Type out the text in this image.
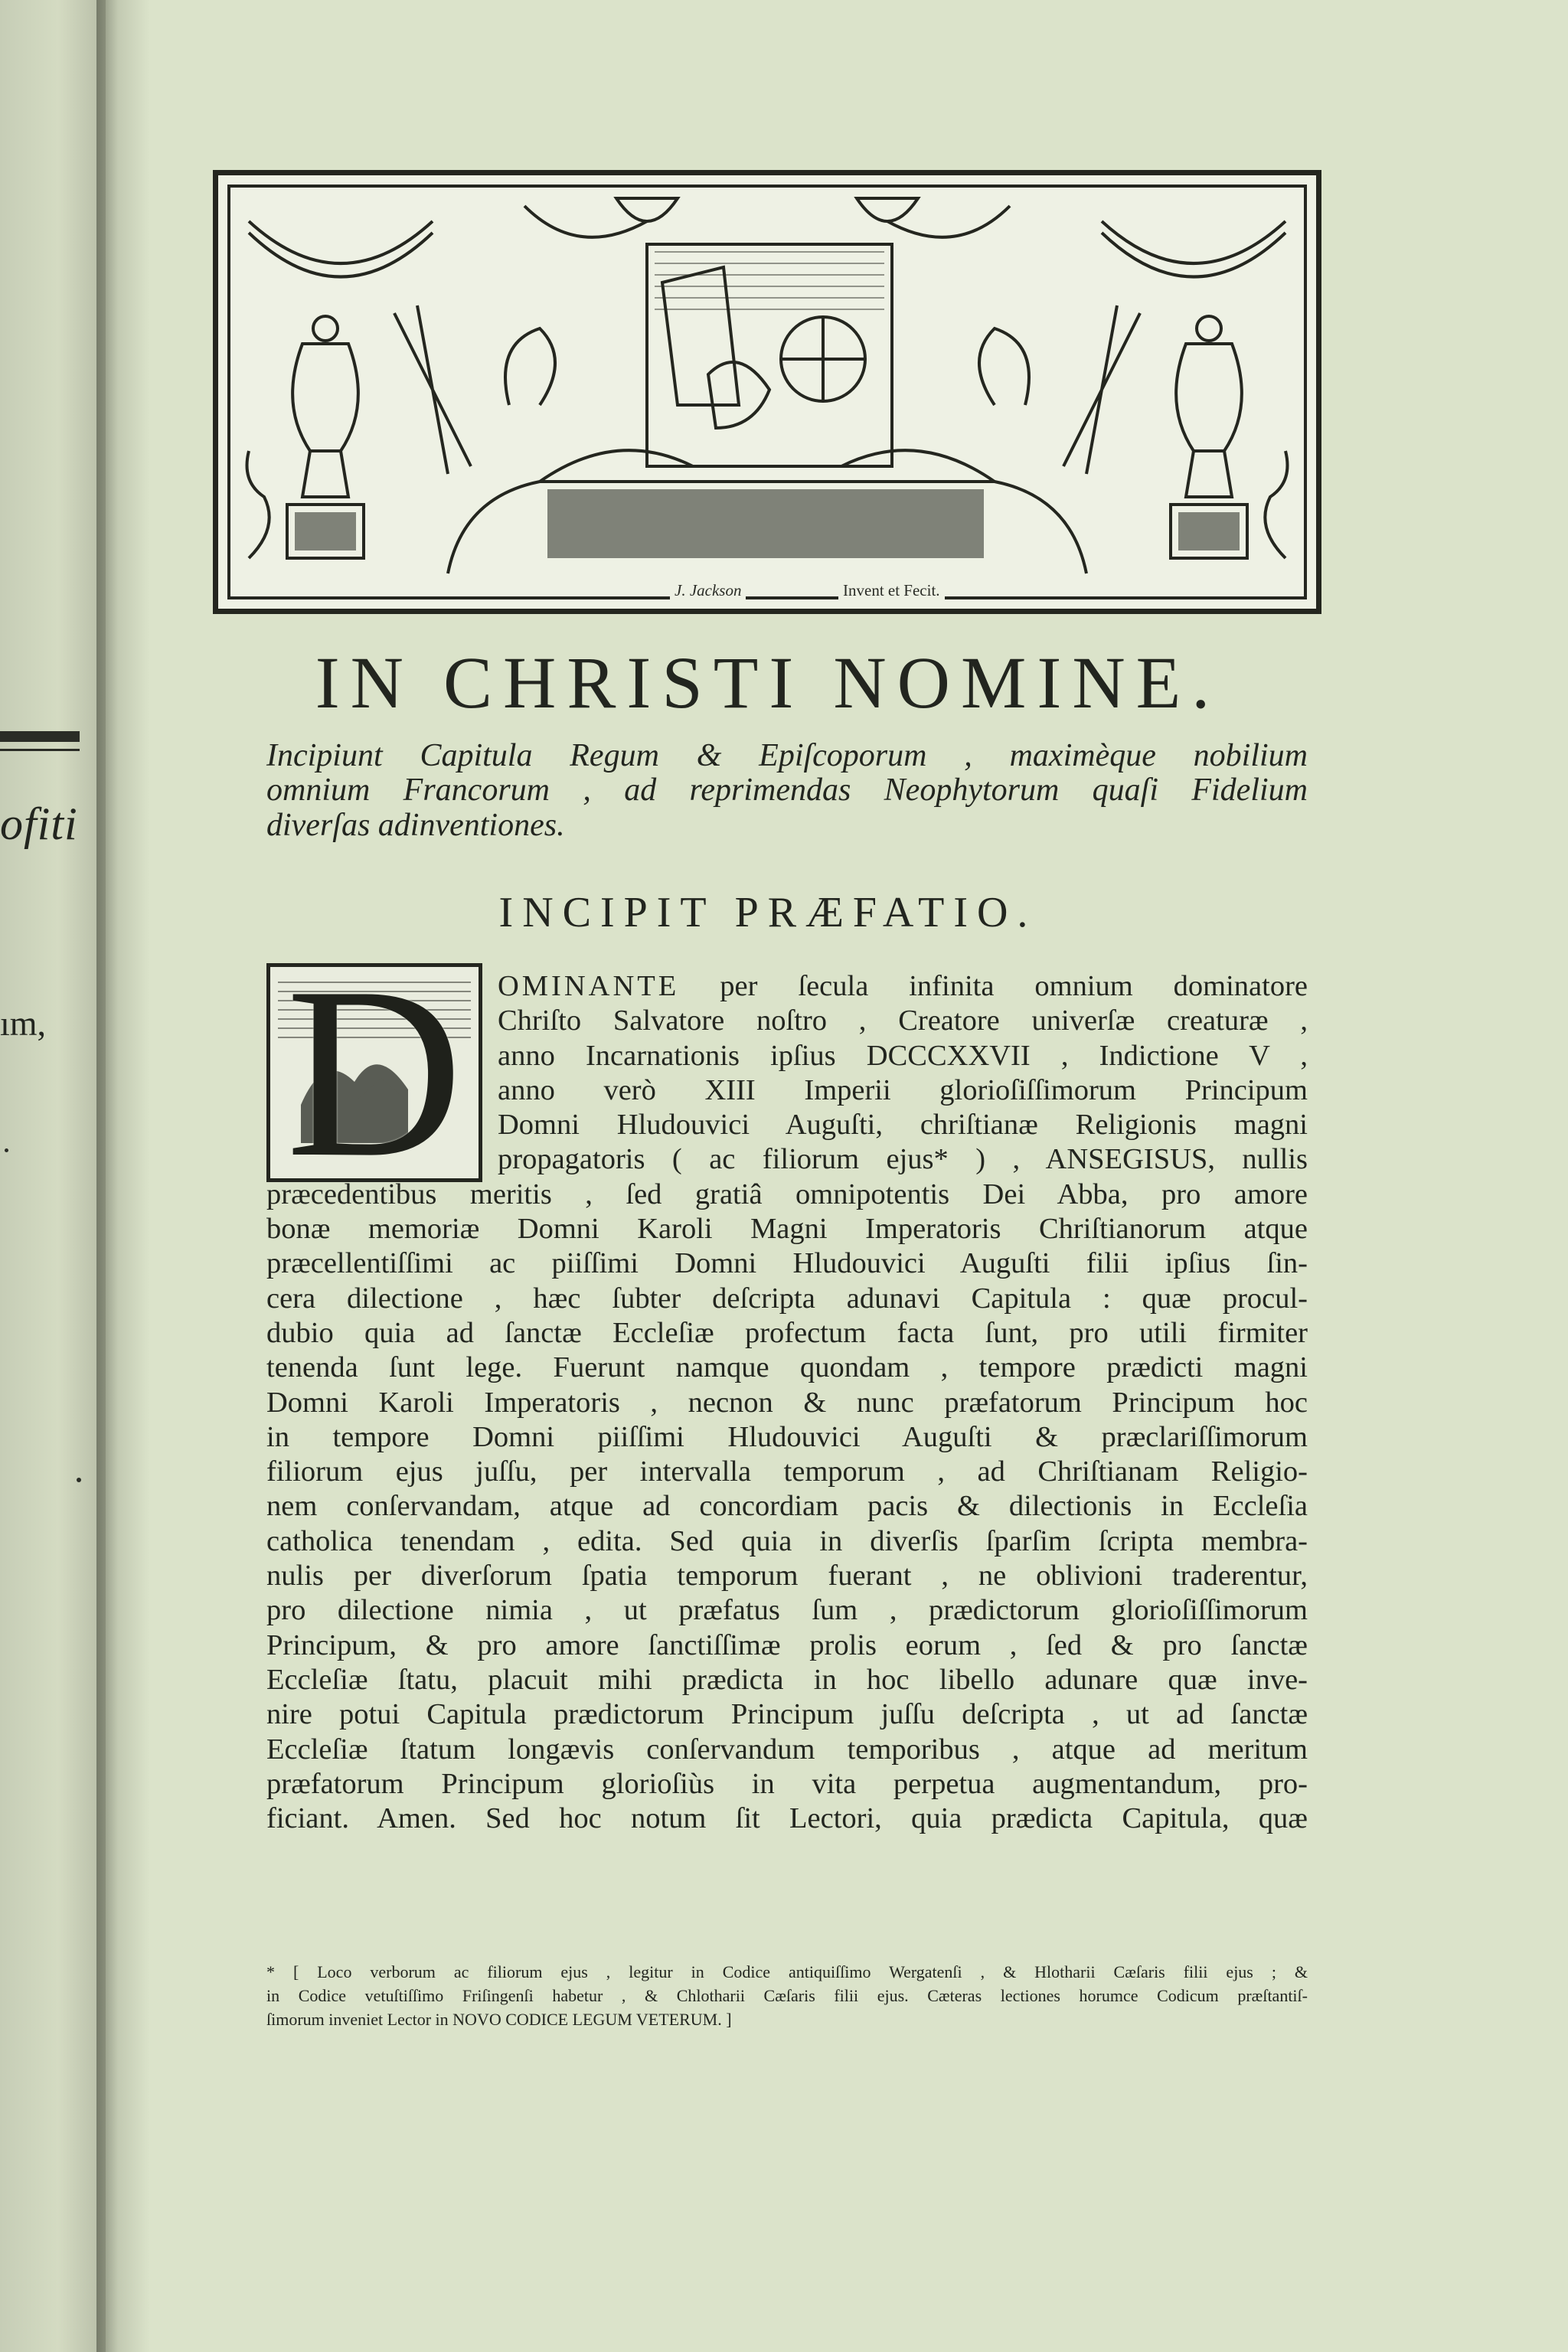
ofiti
ım,
J. Jackson	Invent et Fecit.
IN CHRISTI NOMINE.
Incipiunt Capitula Regum & Epiſcoporum , maximèque nobilium
omnium Francorum , ad reprimendas Neophytorum quaſi Fidelium
diverſas adinventiones.
INCIPIT PRÆFATIO.
D	OMINANTE per ſecula infinita omnium dominatore
Chriſto Salvatore noſtro , Creatore univerſæ creaturæ ,
anno Incarnationis ipſius DCCCXXVII , Indictione V ,
anno verò XIII Imperii glorioſiſſimorum Principum
Domni Hludouvici Auguſti, chriſtianæ Religionis magni
propagatoris ( ac filiorum ejus* ) , ANSEGISUS, nullis
præcedentibus meritis , ſed gratiâ omnipotentis Dei Abba, pro amore
bonæ memoriæ Domni Karoli Magni Imperatoris Chriſtianorum atque
præcellentiſſimi ac piiſſimi Domni Hludouvici Auguſti filii ipſius ſin-
cera dilectione , hæc ſubter deſcripta adunavi Capitula : quæ procul-
dubio quia ad ſanctæ Eccleſiæ profectum facta ſunt, pro utili firmiter
tenenda ſunt lege. Fuerunt namque quondam , tempore prædicti magni
Domni Karoli Imperatoris , necnon & nunc præfatorum Principum hoc
in tempore Domni piiſſimi Hludouvici Auguſti & præclariſſimorum
filiorum ejus juſſu, per intervalla temporum , ad Chriſtianam Religio-
nem conſervandam, atque ad concordiam pacis & dilectionis in Eccleſia
catholica tenendam , edita. Sed quia in diverſis ſparſim ſcripta membra-
nulis per diverſorum ſpatia temporum fuerant , ne oblivioni traderentur,
pro dilectione nimia , ut præfatus ſum , prædictorum glorioſiſſimorum
Principum, & pro amore ſanctiſſimæ prolis eorum , ſed & pro ſanctæ
Eccleſiæ ſtatu, placuit mihi prædicta in hoc libello adunare quæ inve-
nire potui Capitula prædictorum Principum juſſu deſcripta , ut ad ſanctæ
Eccleſiæ ſtatum longævis conſervandum temporibus , atque ad meritum
præfatorum Principum glorioſiùs in vita perpetua augmentandum, pro-
ficiant. Amen. Sed hoc notum ſit Lectori, quia prædicta Capitula, quæ
* [ Loco verborum ac filiorum ejus , legitur in Codice antiquiſſimo Wergatenſi , & Hlotharii Cæſaris filii ejus ; &
in Codice vetuſtiſſimo Friſingenſi habetur , & Chlotharii Cæſaris filii ejus. Cæteras lectiones horumce Codicum præſtantiſ-
ſimorum inveniet Lector in NOVO CODICE LEGUM VETERUM. ]
